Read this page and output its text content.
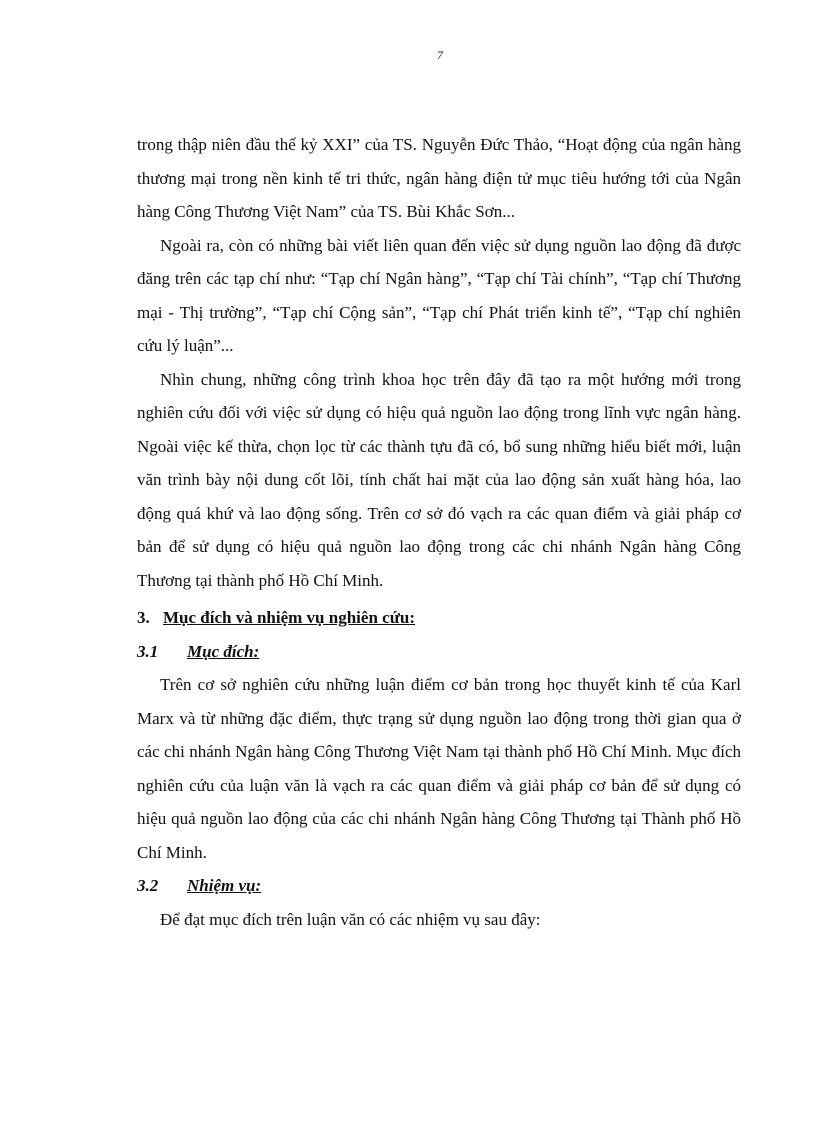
7

trong thập niên đầu thế kỷ XXI” của TS. Nguyễn Đức Thảo, “Hoạt động của ngân hàng thương mại trong nền kinh tế tri thức, ngân hàng điện tử mục tiêu hướng tới của Ngân hàng Công Thương Việt Nam” của TS. Bùi Khắc Sơn...

Ngoài ra, còn có những bài viết liên quan đến việc sử dụng nguồn lao động đã được đăng trên các tạp chí như: “Tạp chí Ngân hàng”, “Tạp chí Tài chính”, “Tạp chí Thương mại - Thị trường”, “Tạp chí Cộng sản”, “Tạp chí Phát triển kinh tế”, “Tạp chí nghiên cứu lý luận”...

Nhìn chung, những công trình khoa học trên đây đã tạo ra một hướng mới trong nghiên cứu đối với việc sử dụng có hiệu quả nguồn lao động trong lĩnh vực ngân hàng. Ngoài việc kế thừa, chọn lọc từ các thành tựu đã có, bổ sung những hiểu biết mới, luận văn trình bày nội dung cốt lõi, tính chất hai mặt của lao động sản xuất hàng hóa, lao động quá khứ và lao động sống. Trên cơ sở đó vạch ra các quan điểm và giải pháp cơ bản để sử dụng có hiệu quả nguồn lao động trong các chi nhánh Ngân hàng Công Thương tại thành phố Hồ Chí Minh.

3. Mục đích và nhiệm vụ nghiên cứu:

3.1 Mục đích:

Trên cơ sở nghiên cứu những luận điểm cơ bản trong học thuyết kinh tế của Karl Marx và từ những đặc điểm, thực trạng sử dụng nguồn lao động trong thời gian qua ở các chi nhánh Ngân hàng Công Thương Việt Nam tại thành phố Hồ Chí Minh. Mục đích nghiên cứu của luận văn là vạch ra các quan điểm và giải pháp cơ bản để sử dụng có hiệu quả nguồn lao động của các chi nhánh Ngân hàng Công Thương tại Thành phố Hồ Chí Minh.

3.2 Nhiệm vụ:

Để đạt mục đích trên luận văn có các nhiệm vụ sau đây:
